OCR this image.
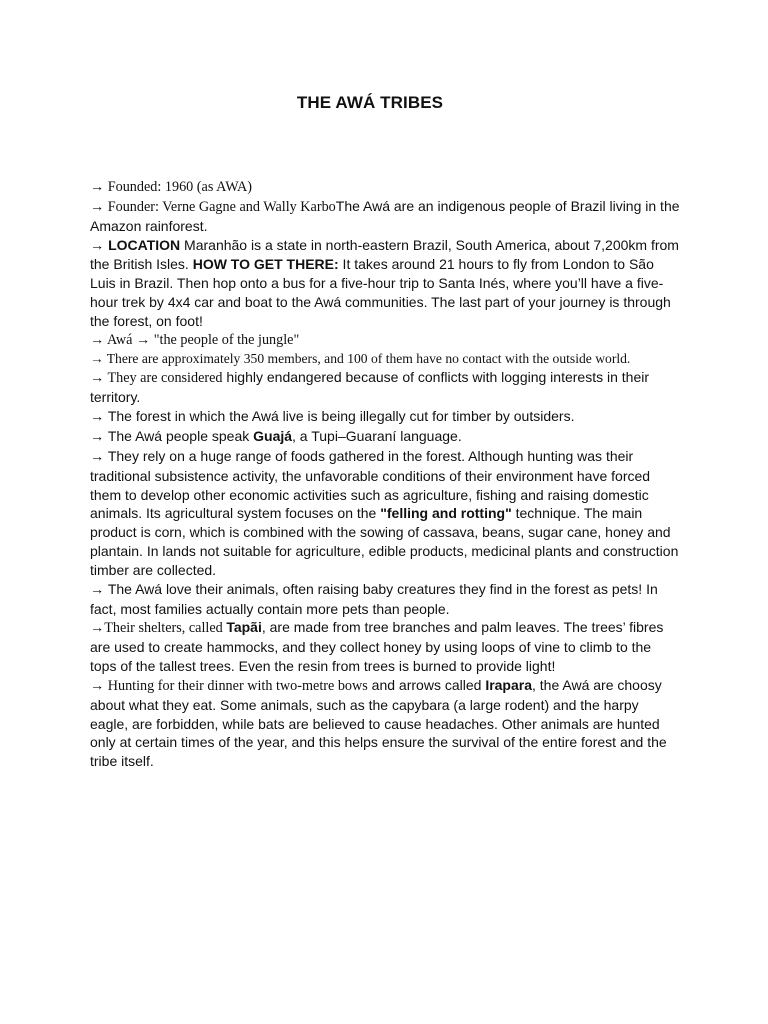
THE AWÁ TRIBES

→ Founded: 1960 (as AWA)

→ Founder: Verne Gagne and Wally KarboThe Awá are an indigenous people of Brazil living in the Amazon rainforest.

→ LOCATION Maranhão is a state in north-eastern Brazil, South America, about 7,200km from the British Isles. HOW TO GET THERE: It takes around 21 hours to fly from London to São Luis in Brazil. Then hop onto a bus for a five-hour trip to Santa Inés, where you’ll have a five-hour trek by 4x4 car and boat to the Awá communities. The last part of your journey is through the forest, on foot!

→ Awá → "the people of the jungle"

→ There are approximately 350 members, and 100 of them have no contact with the outside world.

→ They are considered highly endangered because of conflicts with logging interests in their territory.

→ The forest in which the Awá live is being illegally cut for timber by outsiders.

→ The Awá people speak Guajá, a Tupi–Guaraní language.

→ They rely on a huge range of foods gathered in the forest. Although hunting was their traditional subsistence activity, the unfavorable conditions of their environment have forced them to develop other economic activities such as agriculture, fishing and raising domestic animals. Its agricultural system focuses on the "felling and rotting" technique. The main product is corn, which is combined with the sowing of cassava, beans, sugar cane, honey and plantain. In lands not suitable for agriculture, edible products, medicinal plants and construction timber are collected.

→ The Awá love their animals, often raising baby creatures they find in the forest as pets! In fact, most families actually contain more pets than people.

→Their shelters, called Tapãi, are made from tree branches and palm leaves. The trees’ fibres are used to create hammocks, and they collect honey by using loops of vine to climb to the tops of the tallest trees. Even the resin from trees is burned to provide light!

→ Hunting for their dinner with two-metre bows and arrows called Irapara, the Awá are choosy about what they eat. Some animals, such as the capybara (a large rodent) and the harpy eagle, are forbidden, while bats are believed to cause headaches. Other animals are hunted only at certain times of the year, and this helps ensure the survival of the entire forest and the tribe itself.
